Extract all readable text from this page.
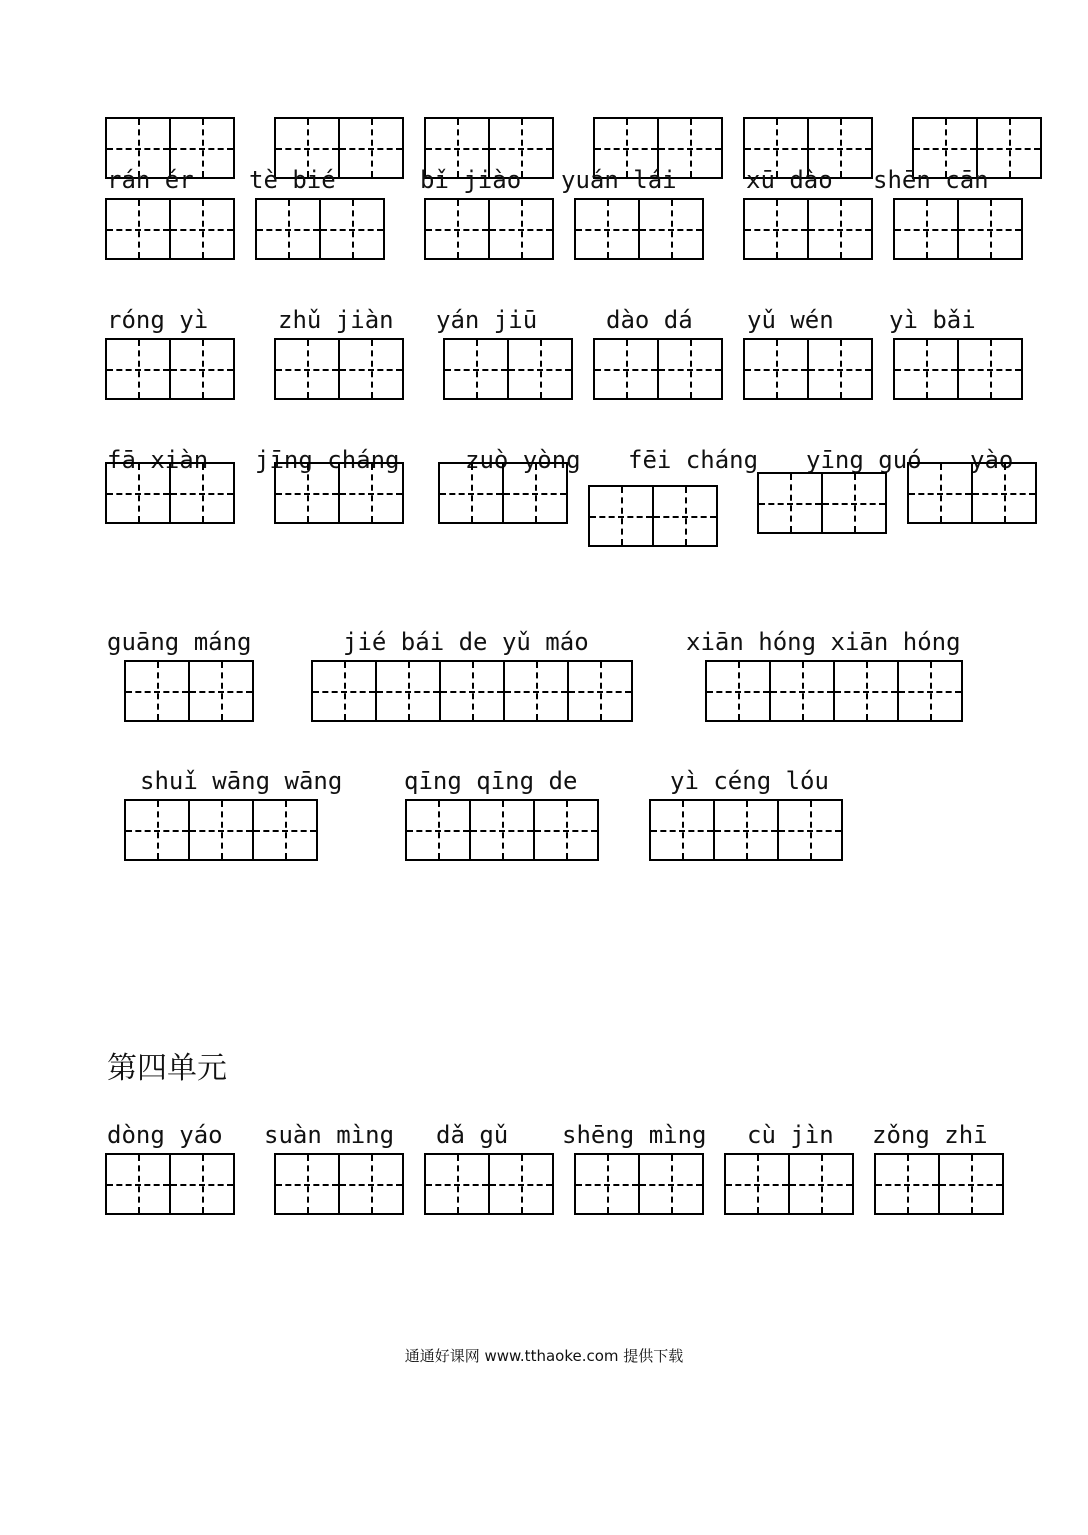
rán ér tè bié	bǐ jiào yuán lái	xū dào shēn cān
róng yì	zhǔ jiàn yán jiū	dào dá yǔ wén yì bǎi
fā xiàn jīng cháng	zuò yòng fēi cháng yīng guó yào
guāng máng	jié bái de yǔ máo	xiān hóng xiān hóng
shuǐ wāng wāng	qīng qīng de	yì céng lóu
第四单元
dòng yáo suàn mìng dǎ gǔ shēng mìng cù jìn zǒng zhī
通通好课网 www.tthaoke.com 提供下载
